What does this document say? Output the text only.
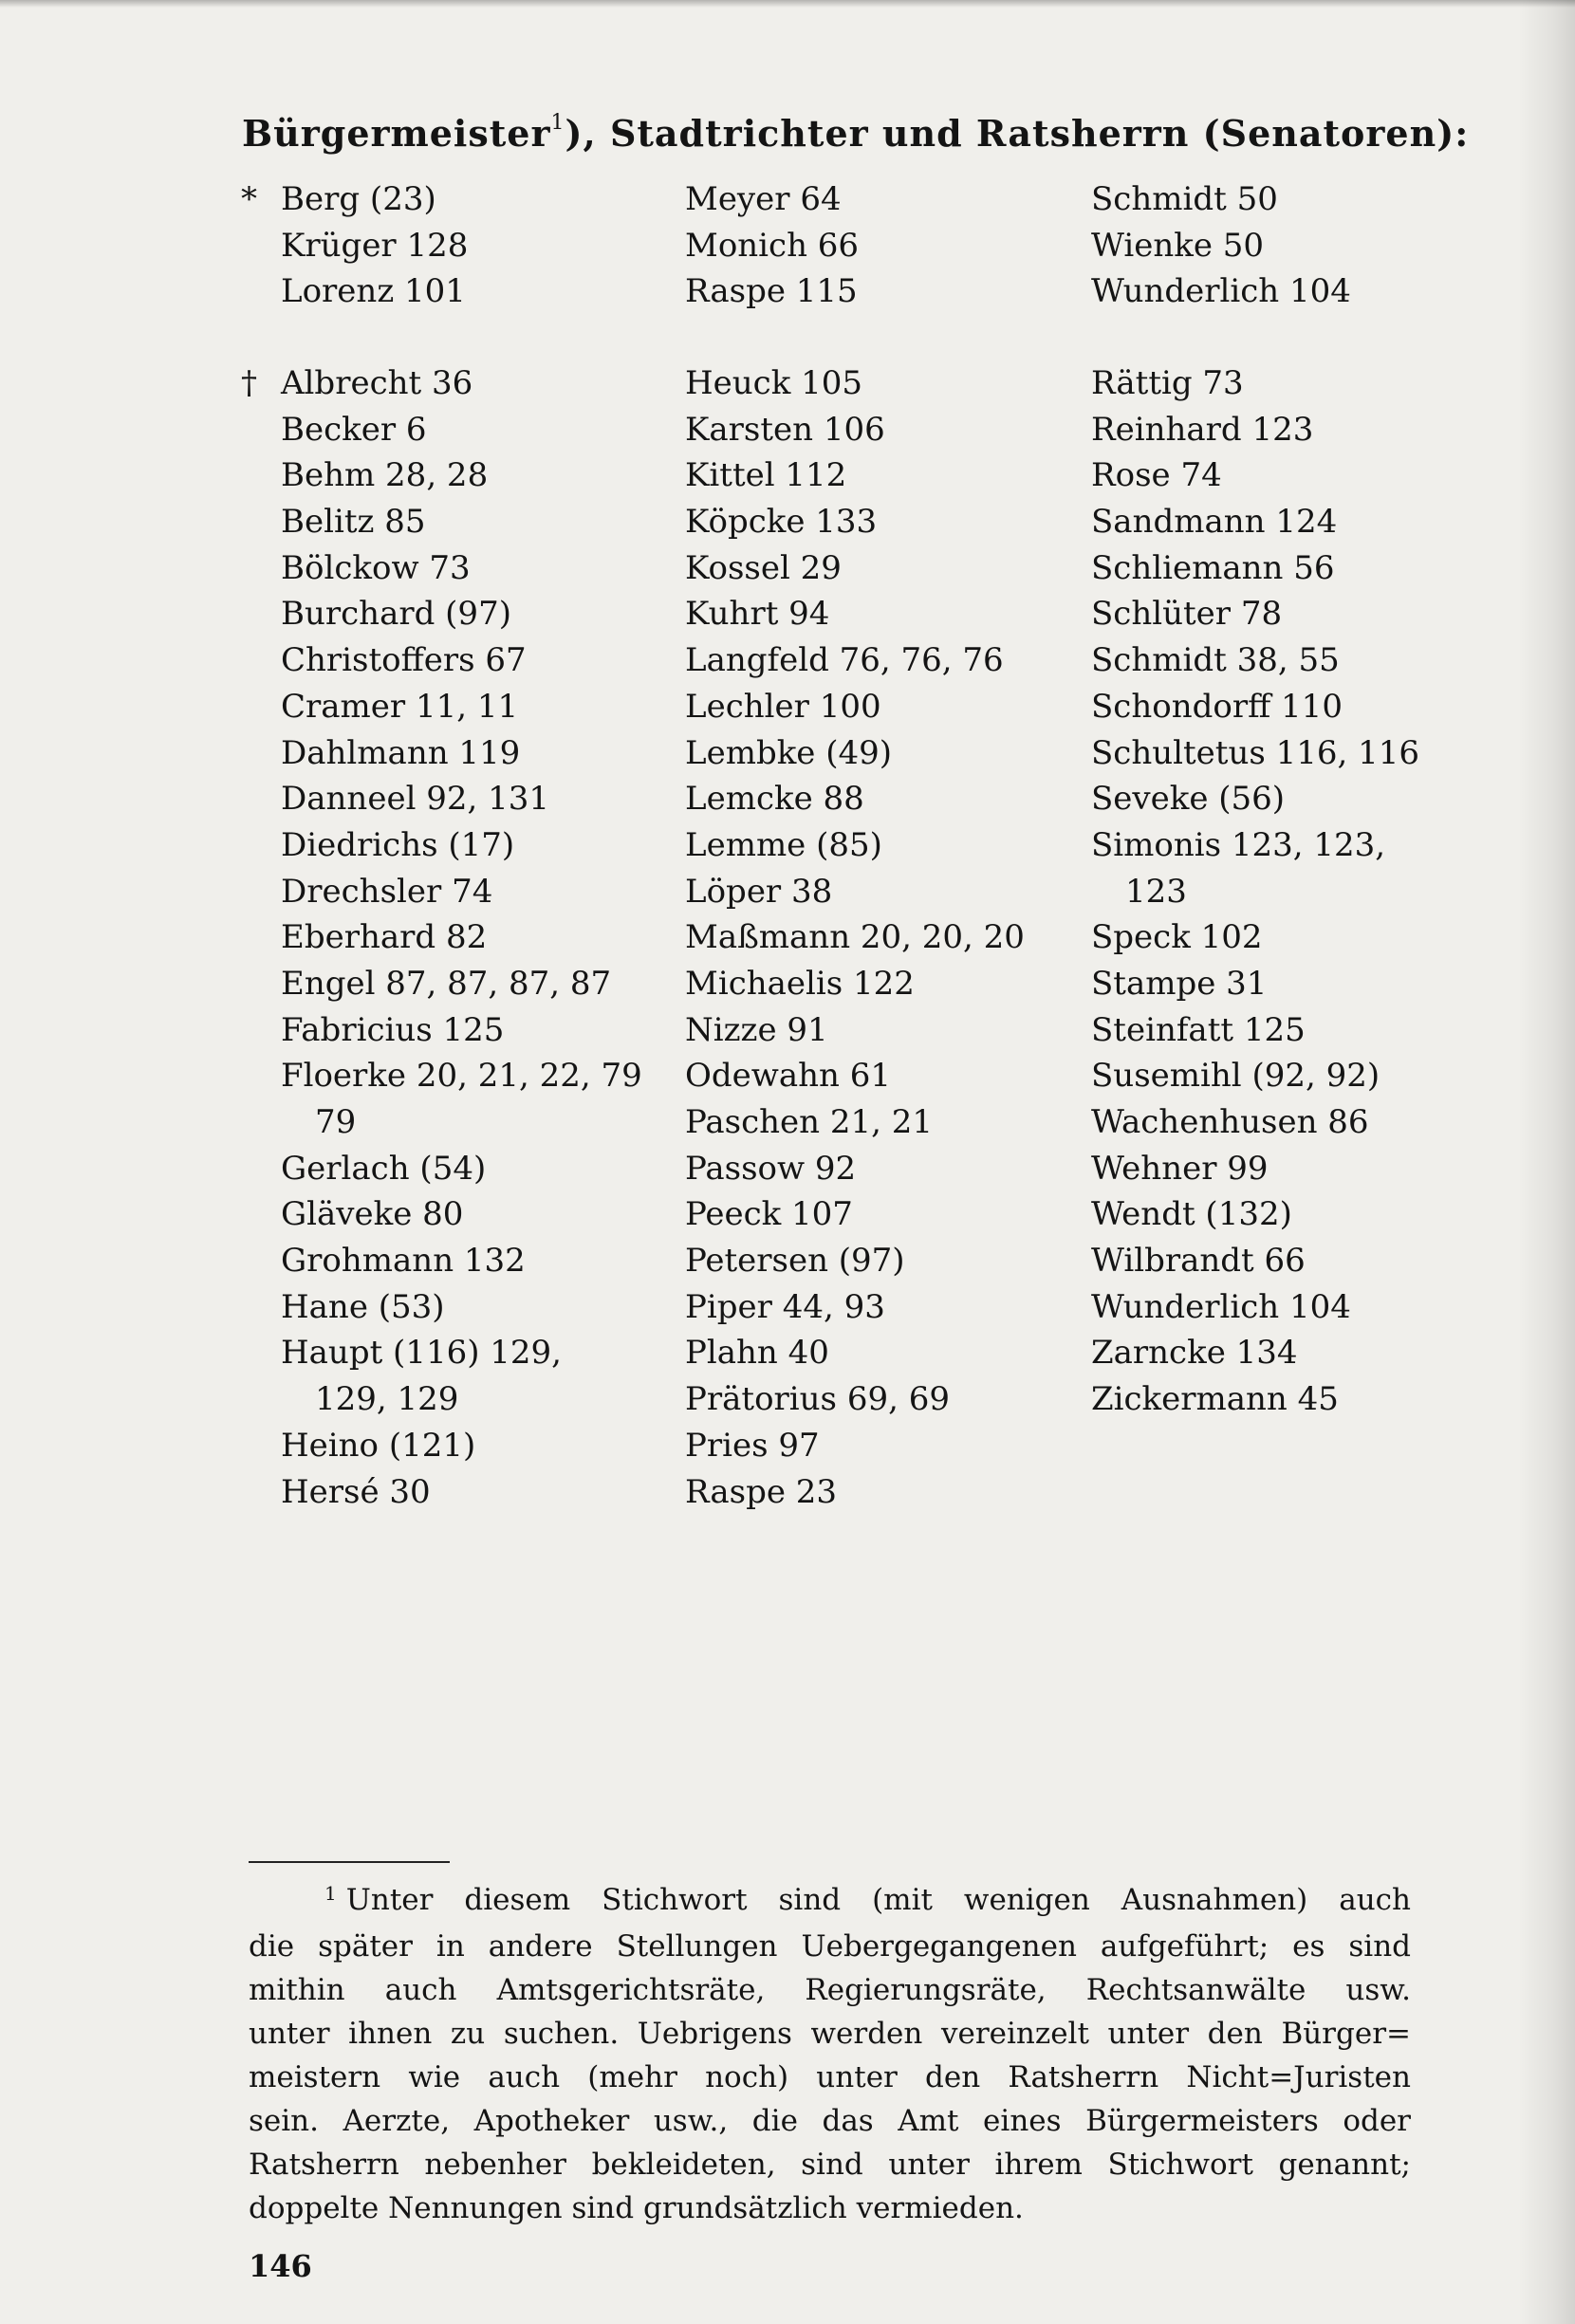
Bürgermeister$^1$), Stadtrichter und Ratsherrn (Senatoren):
* Berg (23)
Krüger 128
Lorenz 101
Meyer 64
Monich 66
Raspe 115
Schmidt 50
Wienke 50
Wunderlich 104
† Albrecht 36
Becker 6
Behm 28, 28
Belitz 85
Bölckow 73
Burchard (97)
Christoffers 67
Cramer 11, 11
Dahlmann 119
Danneel 92, 131
Diedrichs (17)
Drechsler 74
Eberhard 82
Engel 87, 87, 87, 87
Fabricius 125
Floerke 20, 21, 22, 79
79
Gerlach (54)
Gläveke 80
Grohmann 132
Hane (53)
Haupt (116) 129,
129, 129
Heino (121)
Hersé 30
Heuck 105
Karsten 106
Kittel 112
Köpcke 133
Kossel 29
Kuhrt 94
Langfeld 76, 76, 76
Lechler 100
Lembke (49)
Lemcke 88
Lemme (85)
Löper 38
Maßmann 20, 20, 20
Michaelis 122
Nizze 91
Odewahn 61
Paschen 21, 21
Passow 92
Peeck 107
Petersen (97)
Piper 44, 93
Plahn 40
Prätorius 69, 69
Pries 97
Raspe 23
Rättig 73
Reinhard 123
Rose 74
Sandmann 124
Schliemann 56
Schlüter 78
Schmidt 38, 55
Schondorff 110
Schultetus 116, 116
Seveke (56)
Simonis 123, 123,
123
Speck 102
Stampe 31
Steinfatt 125
Susemihl (92, 92)
Wachenhusen 86
Wehner 99
Wendt (132)
Wilbrandt 66
Wunderlich 104
Zarncke 134
Zickermann 45
$^1$ Unter diesem Stichwort sind (mit wenigen Ausnahmen) auch
die später in andere Stellungen Uebergegangenen aufgeführt; es sind
mithin auch Amtsgerichtsräte, Regierungsräte, Rechtsanwälte usw.
unter ihnen zu suchen. Uebrigens werden vereinzelt unter den Bürger=
meistern wie auch (mehr noch) unter den Ratsherrn Nicht=Juristen
sein. Aerzte, Apotheker usw., die das Amt eines Bürgermeisters oder
Ratsherrn nebenher bekleideten, sind unter ihrem Stichwort genannt;
doppelte Nennungen sind grundsätzlich vermieden.
146
